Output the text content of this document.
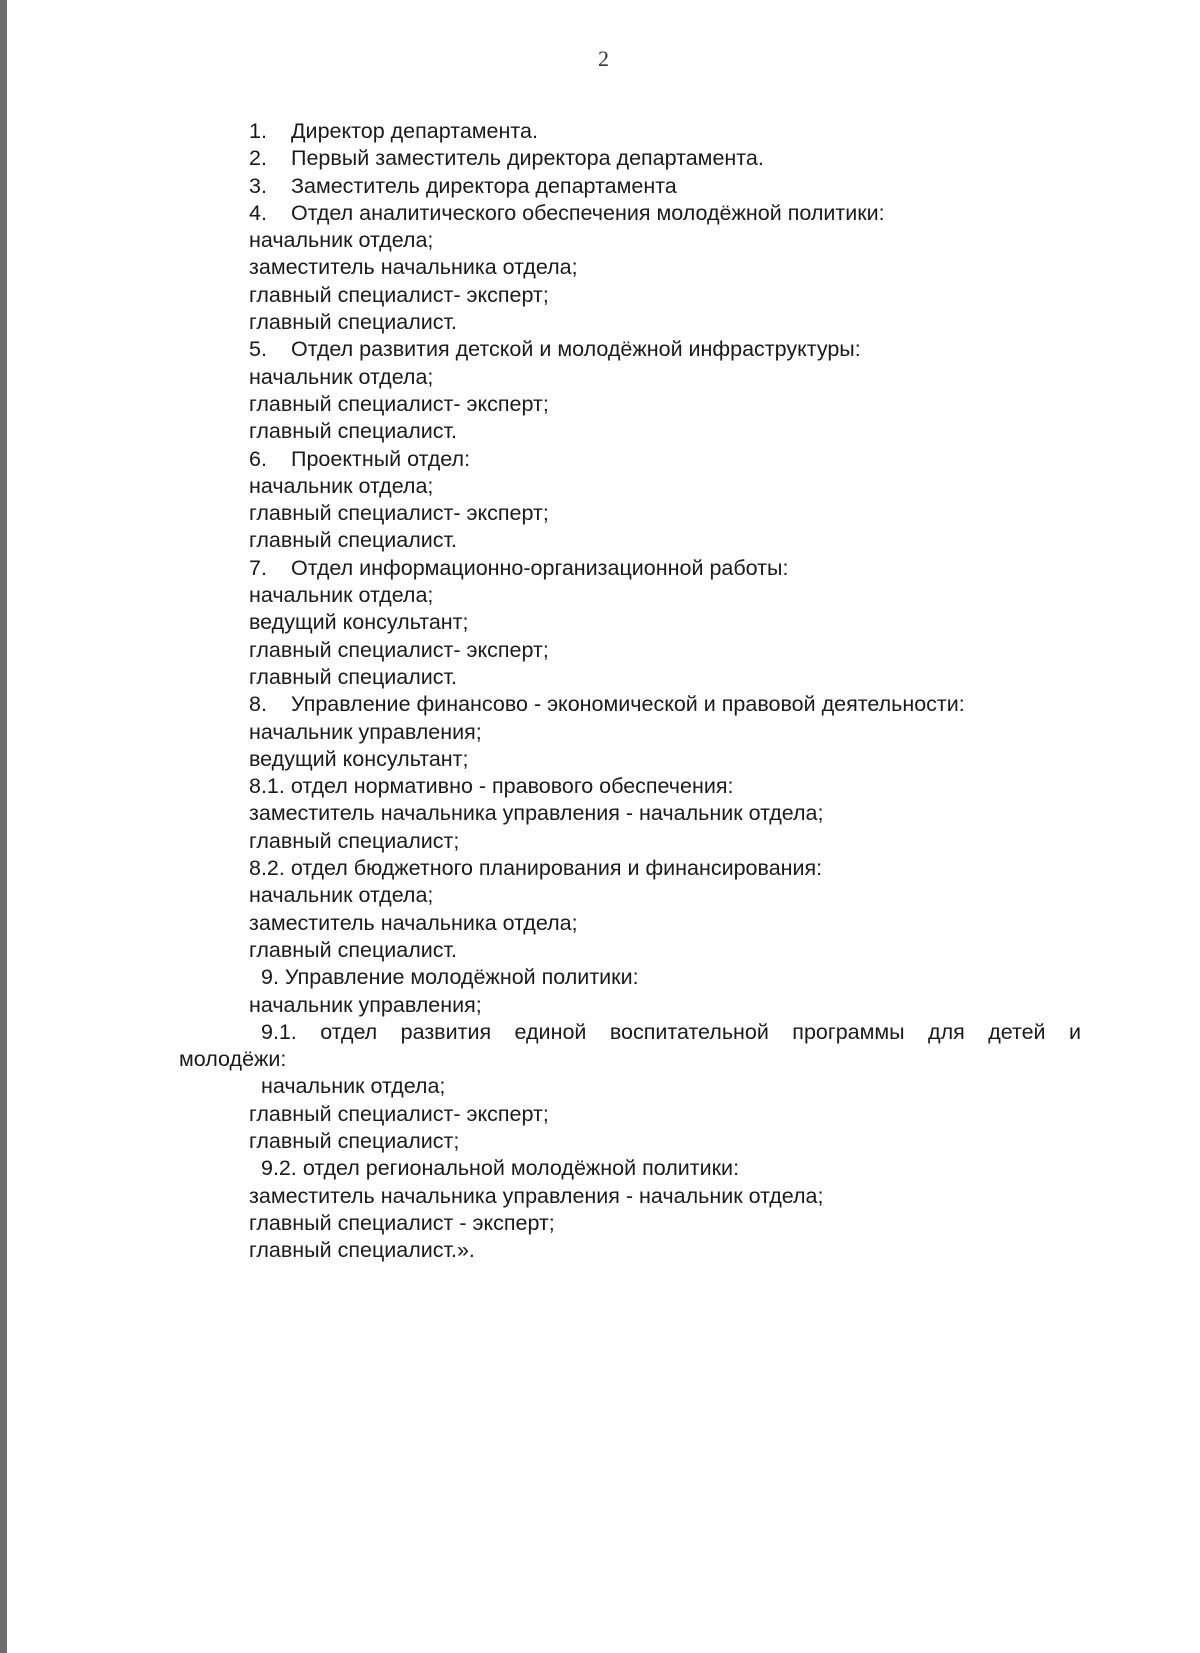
2
1.	Директор департамента.
2.	Первый заместитель директора департамента.
3.	Заместитель директора департамента
4.	Отдел аналитического обеспечения молодёжной политики:
начальник отдела;
заместитель начальника отдела;
главный специалист- эксперт;
главный специалист.
5.	Отдел развития детской и молодёжной инфраструктуры:
начальник отдела;
главный специалист- эксперт;
главный специалист.
6.	Проектный отдел:
начальник отдела;
главный специалист- эксперт;
главный специалист.
7.	Отдел информационно-организационной работы:
начальник отдела;
ведущий консультант;
главный специалист- эксперт;
главный специалист.
8.	Управление финансово - экономической и правовой деятельности:
начальник управления;
ведущий консультант;
8.1. отдел нормативно - правового обеспечения:
заместитель начальника управления - начальник отдела;
главный специалист;
8.2. отдел бюджетного планирования и финансирования:
начальник отдела;
заместитель начальника отдела;
главный специалист.
9. Управление молодёжной политики:
начальник управления;
9.1. отдел развития единой воспитательной программы для детей и
молодёжи:
начальник отдела;
главный специалист- эксперт;
главный специалист;
9.2. отдел региональной молодёжной политики:
заместитель начальника управления - начальник отдела;
главный специалист - эксперт;
главный специалист.».
